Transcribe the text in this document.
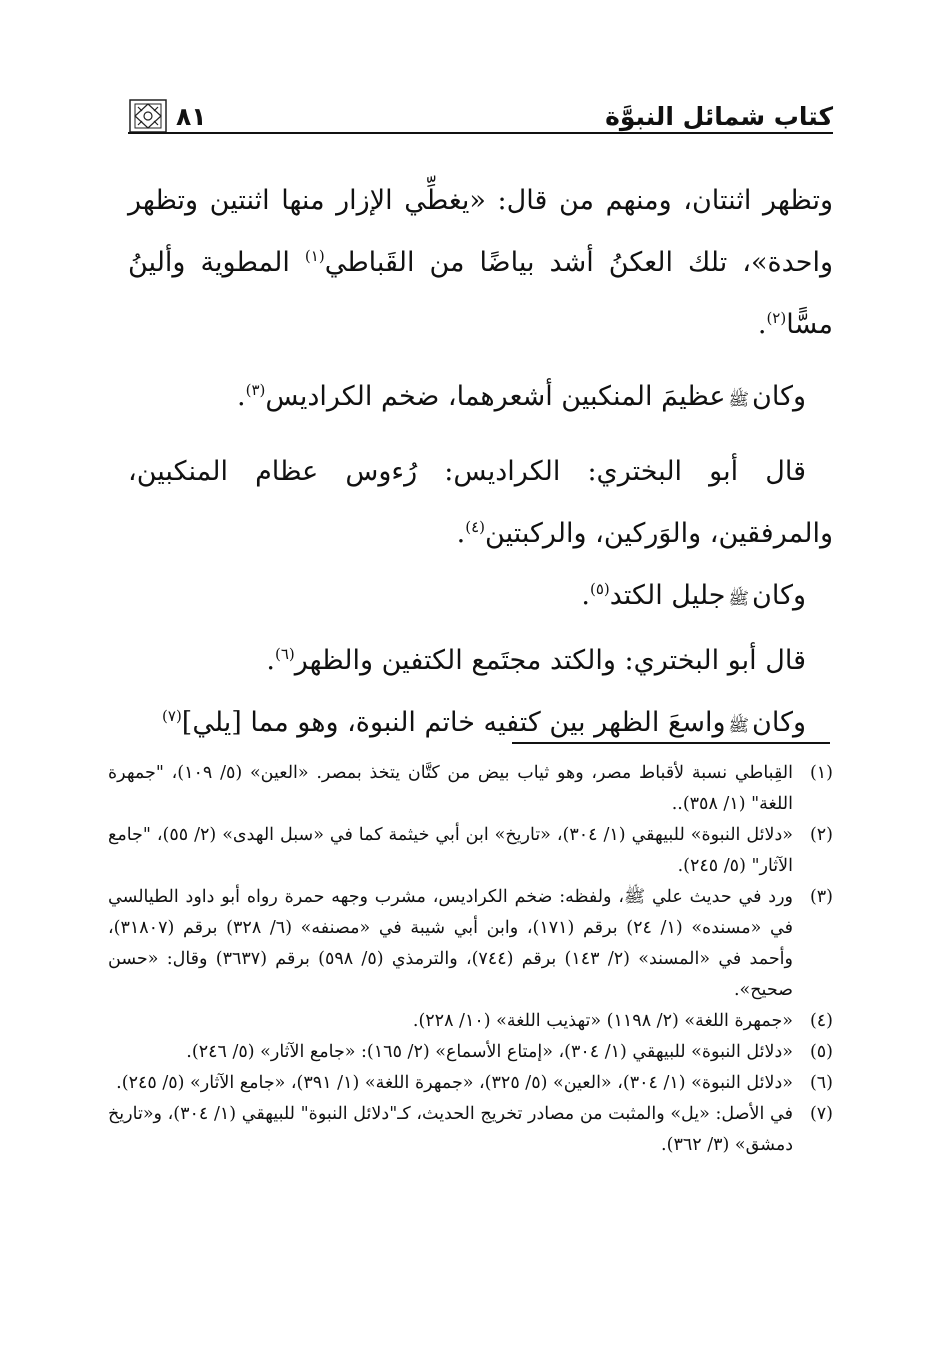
كتاب شمائل النبوَّة
٨١

وتظهر اثنتان، ومنهم من قال: «يغطِّي الإزار منها اثنتين وتظهر واحدة»، تلك العكنُ أشد بياضًا من القَباطي$^{(١)}$ المطوية وألينُ مسًّا$^{(٢)}$.

 وكانﷺعظيمَ المنكبين أشعرهما، ضخم الكراديس$^{(٣)}$.

 قال أبو البختري: الكراديس: رُءوس عظام المنكبين، والمرفقين، والوَركين، والركبتين$^{(٤)}$.

 وكانﷺجليل الكتد$^{(٥)}$.

 قال أبو البختري: والكتد مجتَمع الكتفين والظهر$^{(٦)}$.

 وكانﷺواسعَ الظهر بين كتفيه خاتم النبوة، وهو مما [يلي]$^{(٧)}$

(١)
القِباطي نسبة لأقباط مصر، وهو ثياب بيض من كتَّان يتخذ بمصر. «العين» (٥/ ١٠٩)، "جمهرة اللغة" (١/ ٣٥٨)..
(٢)
«دلائل النبوة» للبيهقي (١/ ٣٠٤)، «تاريخ» ابن أبي خيثمة كما في «سبل الهدى» (٢/ ٥٥)، "جامع الآثار" (٥/ ٢٤٥).
(٣)
ورد في حديث علي ﷺ، ولفظه: ضخم الكراديس، مشرب وجهه حمرة رواه أبو داود الطيالسي في «مسنده» (١/ ٢٤) برقم (١٧١)، وابن أبي شيبة في «مصنفه» (٦/ ٣٢٨) برقم (٣١٨٠٧)، وأحمد في «المسند» (٢/ ١٤٣) برقم (٧٤٤)، والترمذي (٥/ ٥٩٨) برقم (٣٦٣٧) وقال: «حسن صحيح».
(٤)
«جمهرة اللغة» (٢/ ١١٩٨) «تهذيب اللغة» (١٠/ ٢٢٨).
(٥)
«دلائل النبوة» للبيهقي (١/ ٣٠٤)، «إمتاع الأسماع» (٢/ ١٦٥): «جامع الآثار» (٥/ ٢٤٦).
(٦)
«دلائل النبوة» (١/ ٣٠٤)، «العين» (٥/ ٣٢٥)، «جمهرة اللغة» (١/ ٣٩١)، «جامع الآثار» (٥/ ٢٤٥).
(٧)
في الأصل: «يل» والمثبت من مصادر تخريج الحديث، كـ"دلائل النبوة" للبيهقي (١/ ٣٠٤)، و«تاريخ دمشق» (٣/ ٣٦٢).
